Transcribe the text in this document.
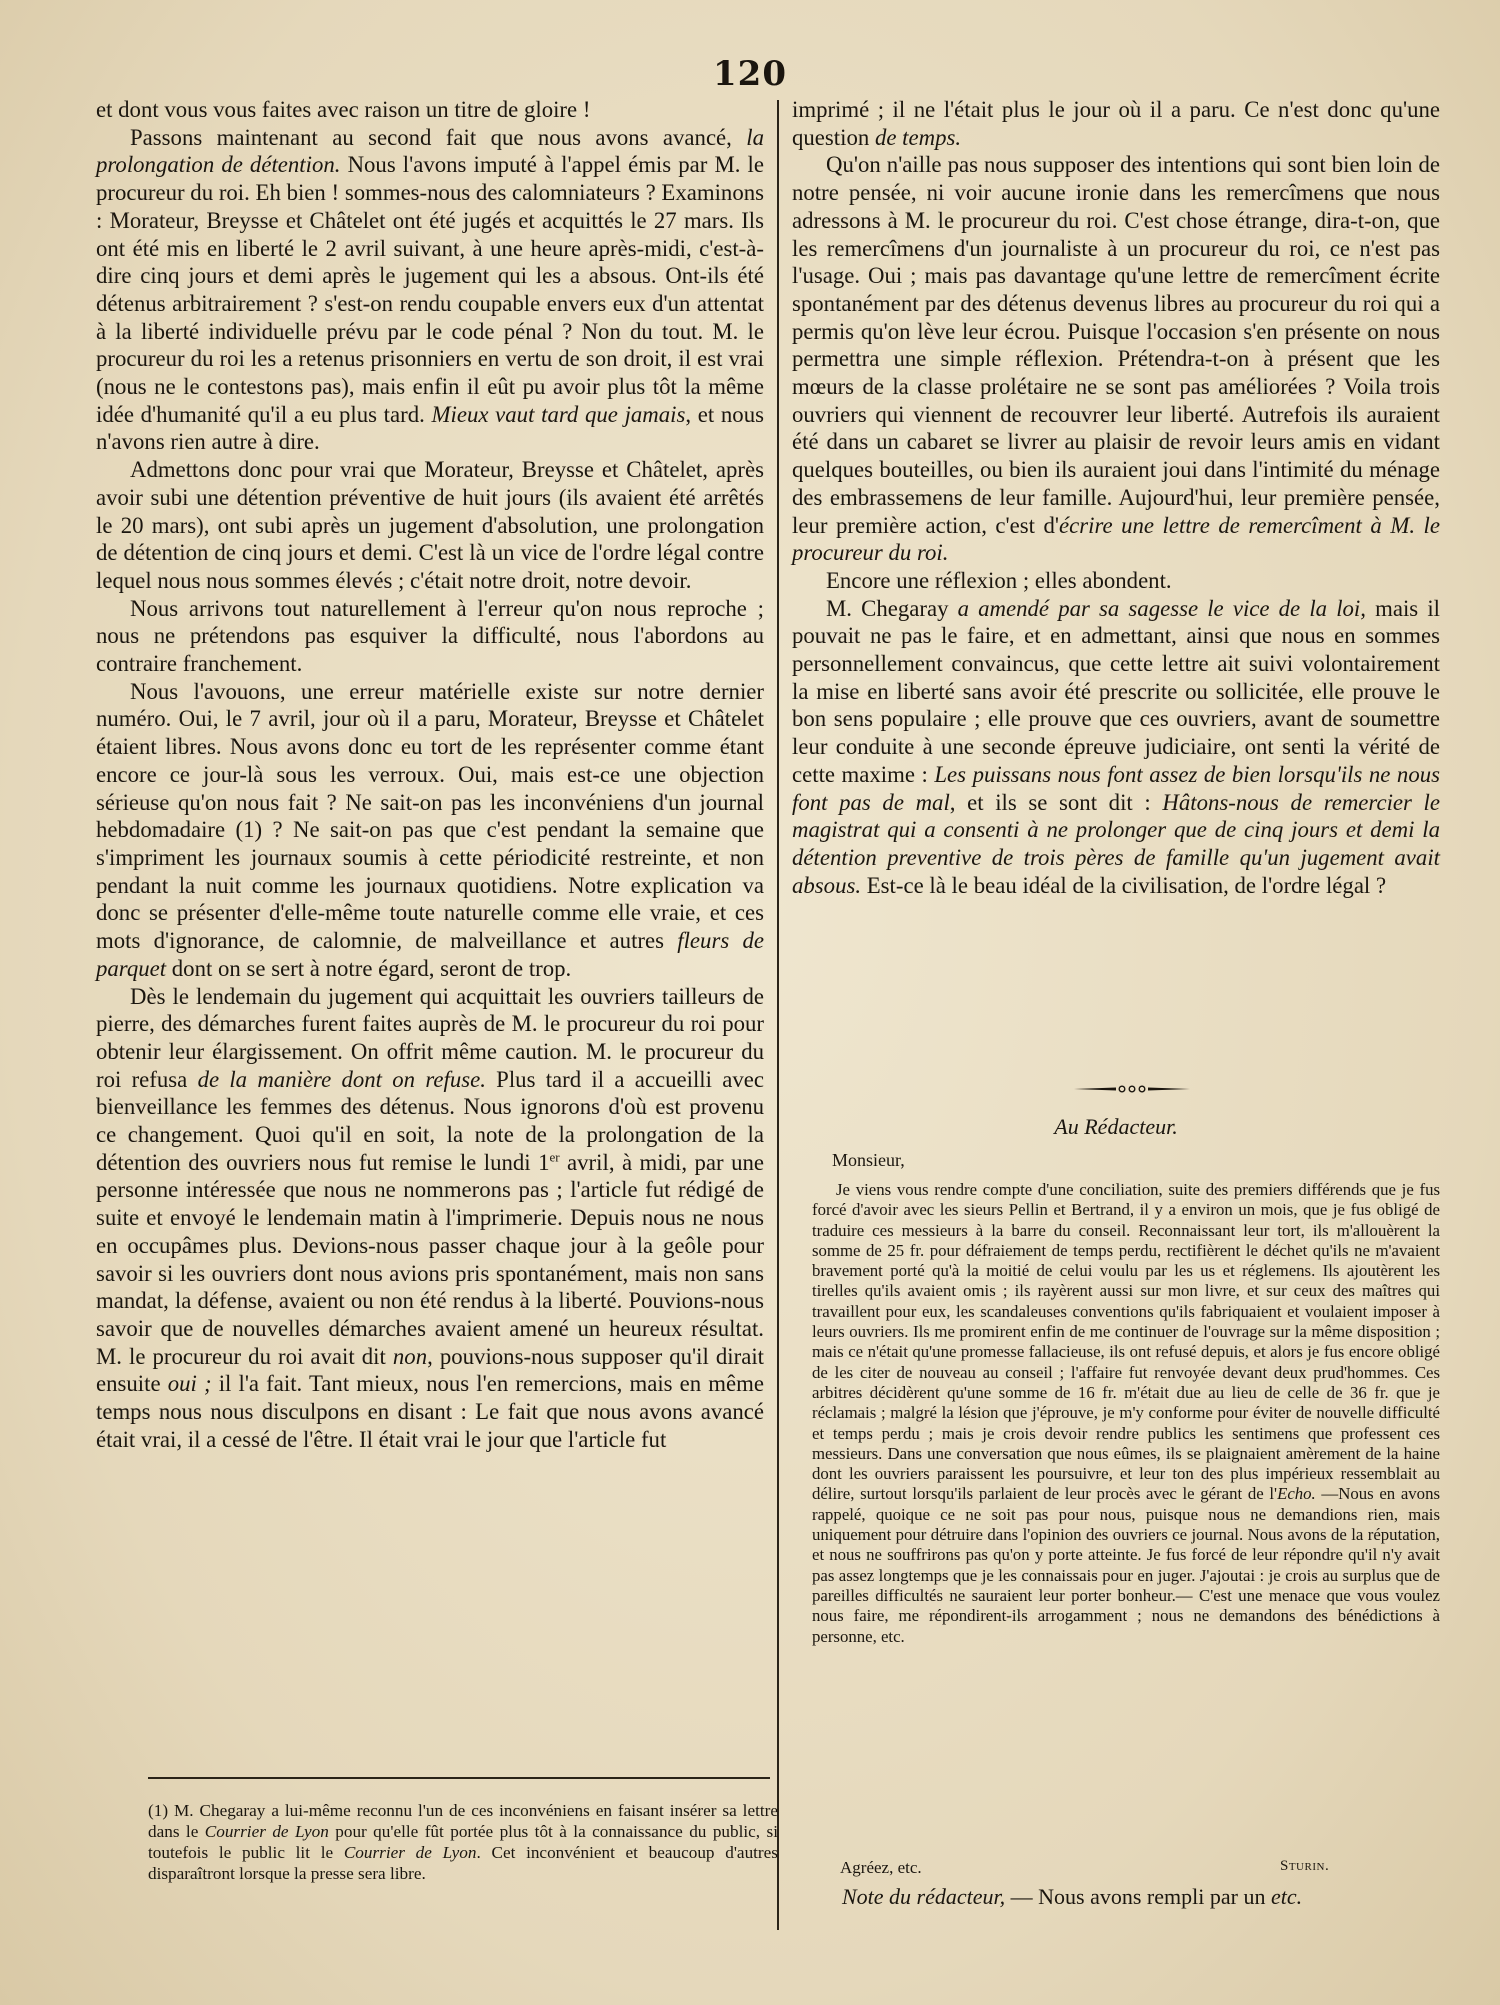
120

et dont vous vous faites avec raison un titre de gloire !

Passons maintenant au second fait que nous avons avancé, la prolongation de détention. Nous l'avons imputé à l'appel émis par M. le procureur du roi. Eh bien ! sommes-nous des calomniateurs ? Examinons : Morateur, Breysse et Châtelet ont été jugés et acquittés le 27 mars. Ils ont été mis en liberté le 2 avril suivant, à une heure après-midi, c'est-à-dire cinq jours et demi après le jugement qui les a absous. Ont-ils été détenus arbitrairement ? s'est-on rendu coupable envers eux d'un attentat à la liberté individuelle prévu par le code pénal ? Non du tout. M. le procureur du roi les a retenus prisonniers en vertu de son droit, il est vrai (nous ne le contestons pas), mais enfin il eût pu avoir plus tôt la même idée d'humanité qu'il a eu plus tard. Mieux vaut tard que jamais, et nous n'avons rien autre à dire.

Admettons donc pour vrai que Morateur, Breysse et Châtelet, après avoir subi une détention préventive de huit jours (ils avaient été arrêtés le 20 mars), ont subi après un jugement d'absolution, une prolongation de détention de cinq jours et demi. C'est là un vice de l'ordre légal contre lequel nous nous sommes élevés ; c'était notre droit, notre devoir.

Nous arrivons tout naturellement à l'erreur qu'on nous reproche ; nous ne prétendons pas esquiver la difficulté, nous l'abordons au contraire franchement.

Nous l'avouons, une erreur matérielle existe sur notre dernier numéro. Oui, le 7 avril, jour où il a paru, Morateur, Breysse et Châtelet étaient libres. Nous avons donc eu tort de les représenter comme étant encore ce jour-là sous les verroux. Oui, mais est-ce une objection sérieuse qu'on nous fait ? Ne sait-on pas les inconvéniens d'un journal hebdomadaire (1) ? Ne sait-on pas que c'est pendant la semaine que s'impriment les journaux soumis à cette périodicité restreinte, et non pendant la nuit comme les journaux quotidiens. Notre explication va donc se présenter d'elle-même toute naturelle comme elle vraie, et ces mots d'ignorance, de calomnie, de malveillance et autres fleurs de parquet dont on se sert à notre égard, seront de trop.

Dès le lendemain du jugement qui acquittait les ouvriers tailleurs de pierre, des démarches furent faites auprès de M. le procureur du roi pour obtenir leur élargissement. On offrit même caution. M. le procureur du roi refusa de la manière dont on refuse. Plus tard il a accueilli avec bienveillance les femmes des détenus. Nous ignorons d'où est provenu ce changement. Quoi qu'il en soit, la note de la prolongation de la détention des ouvriers nous fut remise le lundi 1er avril, à midi, par une personne intéressée que nous ne nommerons pas ; l'article fut rédigé de suite et envoyé le lendemain matin à l'imprimerie. Depuis nous ne nous en occupâmes plus. Devions-nous passer chaque jour à la geôle pour savoir si les ouvriers dont nous avions pris spontanément, mais non sans mandat, la défense, avaient ou non été rendus à la liberté. Pouvions-nous savoir que de nouvelles démarches avaient amené un heureux résultat. M. le procureur du roi avait dit non, pouvions-nous supposer qu'il dirait ensuite oui ; il l'a fait. Tant mieux, nous l'en remercions, mais en même temps nous nous disculpons en disant : Le fait que nous avons avancé était vrai, il a cessé de l'être. Il était vrai le jour que l'article fut

(1) M. Chegaray a lui-même reconnu l'un de ces inconvéniens en faisant insérer sa lettre dans le Courrier de Lyon pour qu'elle fût portée plus tôt à la connaissance du public, si toutefois le public lit le Courrier de Lyon. Cet inconvénient et beaucoup d'autres disparaîtront lorsque la presse sera libre.

imprimé ; il ne l'était plus le jour où il a paru. Ce n'est donc qu'une question de temps.

Qu'on n'aille pas nous supposer des intentions qui sont bien loin de notre pensée, ni voir aucune ironie dans les remercîmens que nous adressons à M. le procureur du roi. C'est chose étrange, dira-t-on, que les remercîmens d'un journaliste à un procureur du roi, ce n'est pas l'usage. Oui ; mais pas davantage qu'une lettre de remercîment écrite spontanément par des détenus devenus libres au procureur du roi qui a permis qu'on lève leur écrou. Puisque l'occasion s'en présente on nous permettra une simple réflexion. Prétendra-t-on à présent que les mœurs de la classe prolétaire ne se sont pas améliorées ? Voila trois ouvriers qui viennent de recouvrer leur liberté. Autrefois ils auraient été dans un cabaret se livrer au plaisir de revoir leurs amis en vidant quelques bouteilles, ou bien ils auraient joui dans l'intimité du ménage des embrassemens de leur famille. Aujourd'hui, leur première pensée, leur première action, c'est d'écrire une lettre de remercîment à M. le procureur du roi.

Encore une réflexion ; elles abondent.

M. Chegaray a amendé par sa sagesse le vice de la loi, mais il pouvait ne pas le faire, et en admettant, ainsi que nous en sommes personnellement convaincus, que cette lettre ait suivi volontairement la mise en liberté sans avoir été prescrite ou sollicitée, elle prouve le bon sens populaire ; elle prouve que ces ouvriers, avant de soumettre leur conduite à une seconde épreuve judiciaire, ont senti la vérité de cette maxime : Les puissans nous font assez de bien lorsqu'ils ne nous font pas de mal, et ils se sont dit : Hâtons-nous de remercier le magistrat qui a consenti à ne prolonger que de cinq jours et demi la détention preventive de trois pères de famille qu'un jugement avait absous. Est-ce là le beau idéal de la civilisation, de l'ordre légal ?

Au Rédacteur.
Monsieur,
Je viens vous rendre compte d'une conciliation, suite des premiers différends que je fus forcé d'avoir avec les sieurs Pellin et Bertrand, il y a environ un mois, que je fus obligé de traduire ces messieurs à la barre du conseil. Reconnaissant leur tort, ils m'allouèrent la somme de 25 fr. pour défraiement de temps perdu, rectifièrent le déchet qu'ils ne m'avaient bravement porté qu'à la moitié de celui voulu par les us et réglemens. Ils ajoutèrent les tirelles qu'ils avaient omis ; ils rayèrent aussi sur mon livre, et sur ceux des maîtres qui travaillent pour eux, les scandaleuses conventions qu'ils fabriquaient et voulaient imposer à leurs ouvriers. Ils me promirent enfin de me continuer de l'ouvrage sur la même disposition ; mais ce n'était qu'une promesse fallacieuse, ils ont refusé depuis, et alors je fus encore obligé de les citer de nouveau au conseil ; l'affaire fut renvoyée devant deux prud'hommes. Ces arbitres décidèrent qu'une somme de 16 fr. m'était due au lieu de celle de 36 fr. que je réclamais ; malgré la lésion que j'éprouve, je m'y conforme pour éviter de nouvelle difficulté et temps perdu ; mais je crois devoir rendre publics les sentimens que professent ces messieurs. Dans une conversation que nous eûmes, ils se plaignaient amèrement de la haine dont les ouvriers paraissent les poursuivre, et leur ton des plus impérieux ressemblait au délire, surtout lorsqu'ils parlaient de leur procès avec le gérant de l'Echo. —Nous en avons rappelé, quoique ce ne soit pas pour nous, puisque nous ne demandions rien, mais uniquement pour détruire dans l'opinion des ouvriers ce journal. Nous avons de la réputation, et nous ne souffrirons pas qu'on y porte atteinte. Je fus forcé de leur répondre qu'il n'y avait pas assez longtemps que je les connaissais pour en juger. J'ajoutai : je crois au surplus que de pareilles difficultés ne sauraient leur porter bonheur.— C'est une menace que vous voulez nous faire, me répondirent-ils arrogamment ; nous ne demandons des bénédictions à personne, etc.
Agréez, etc.	Sturin.
Note du rédacteur, — Nous avons rempli par un etc.
